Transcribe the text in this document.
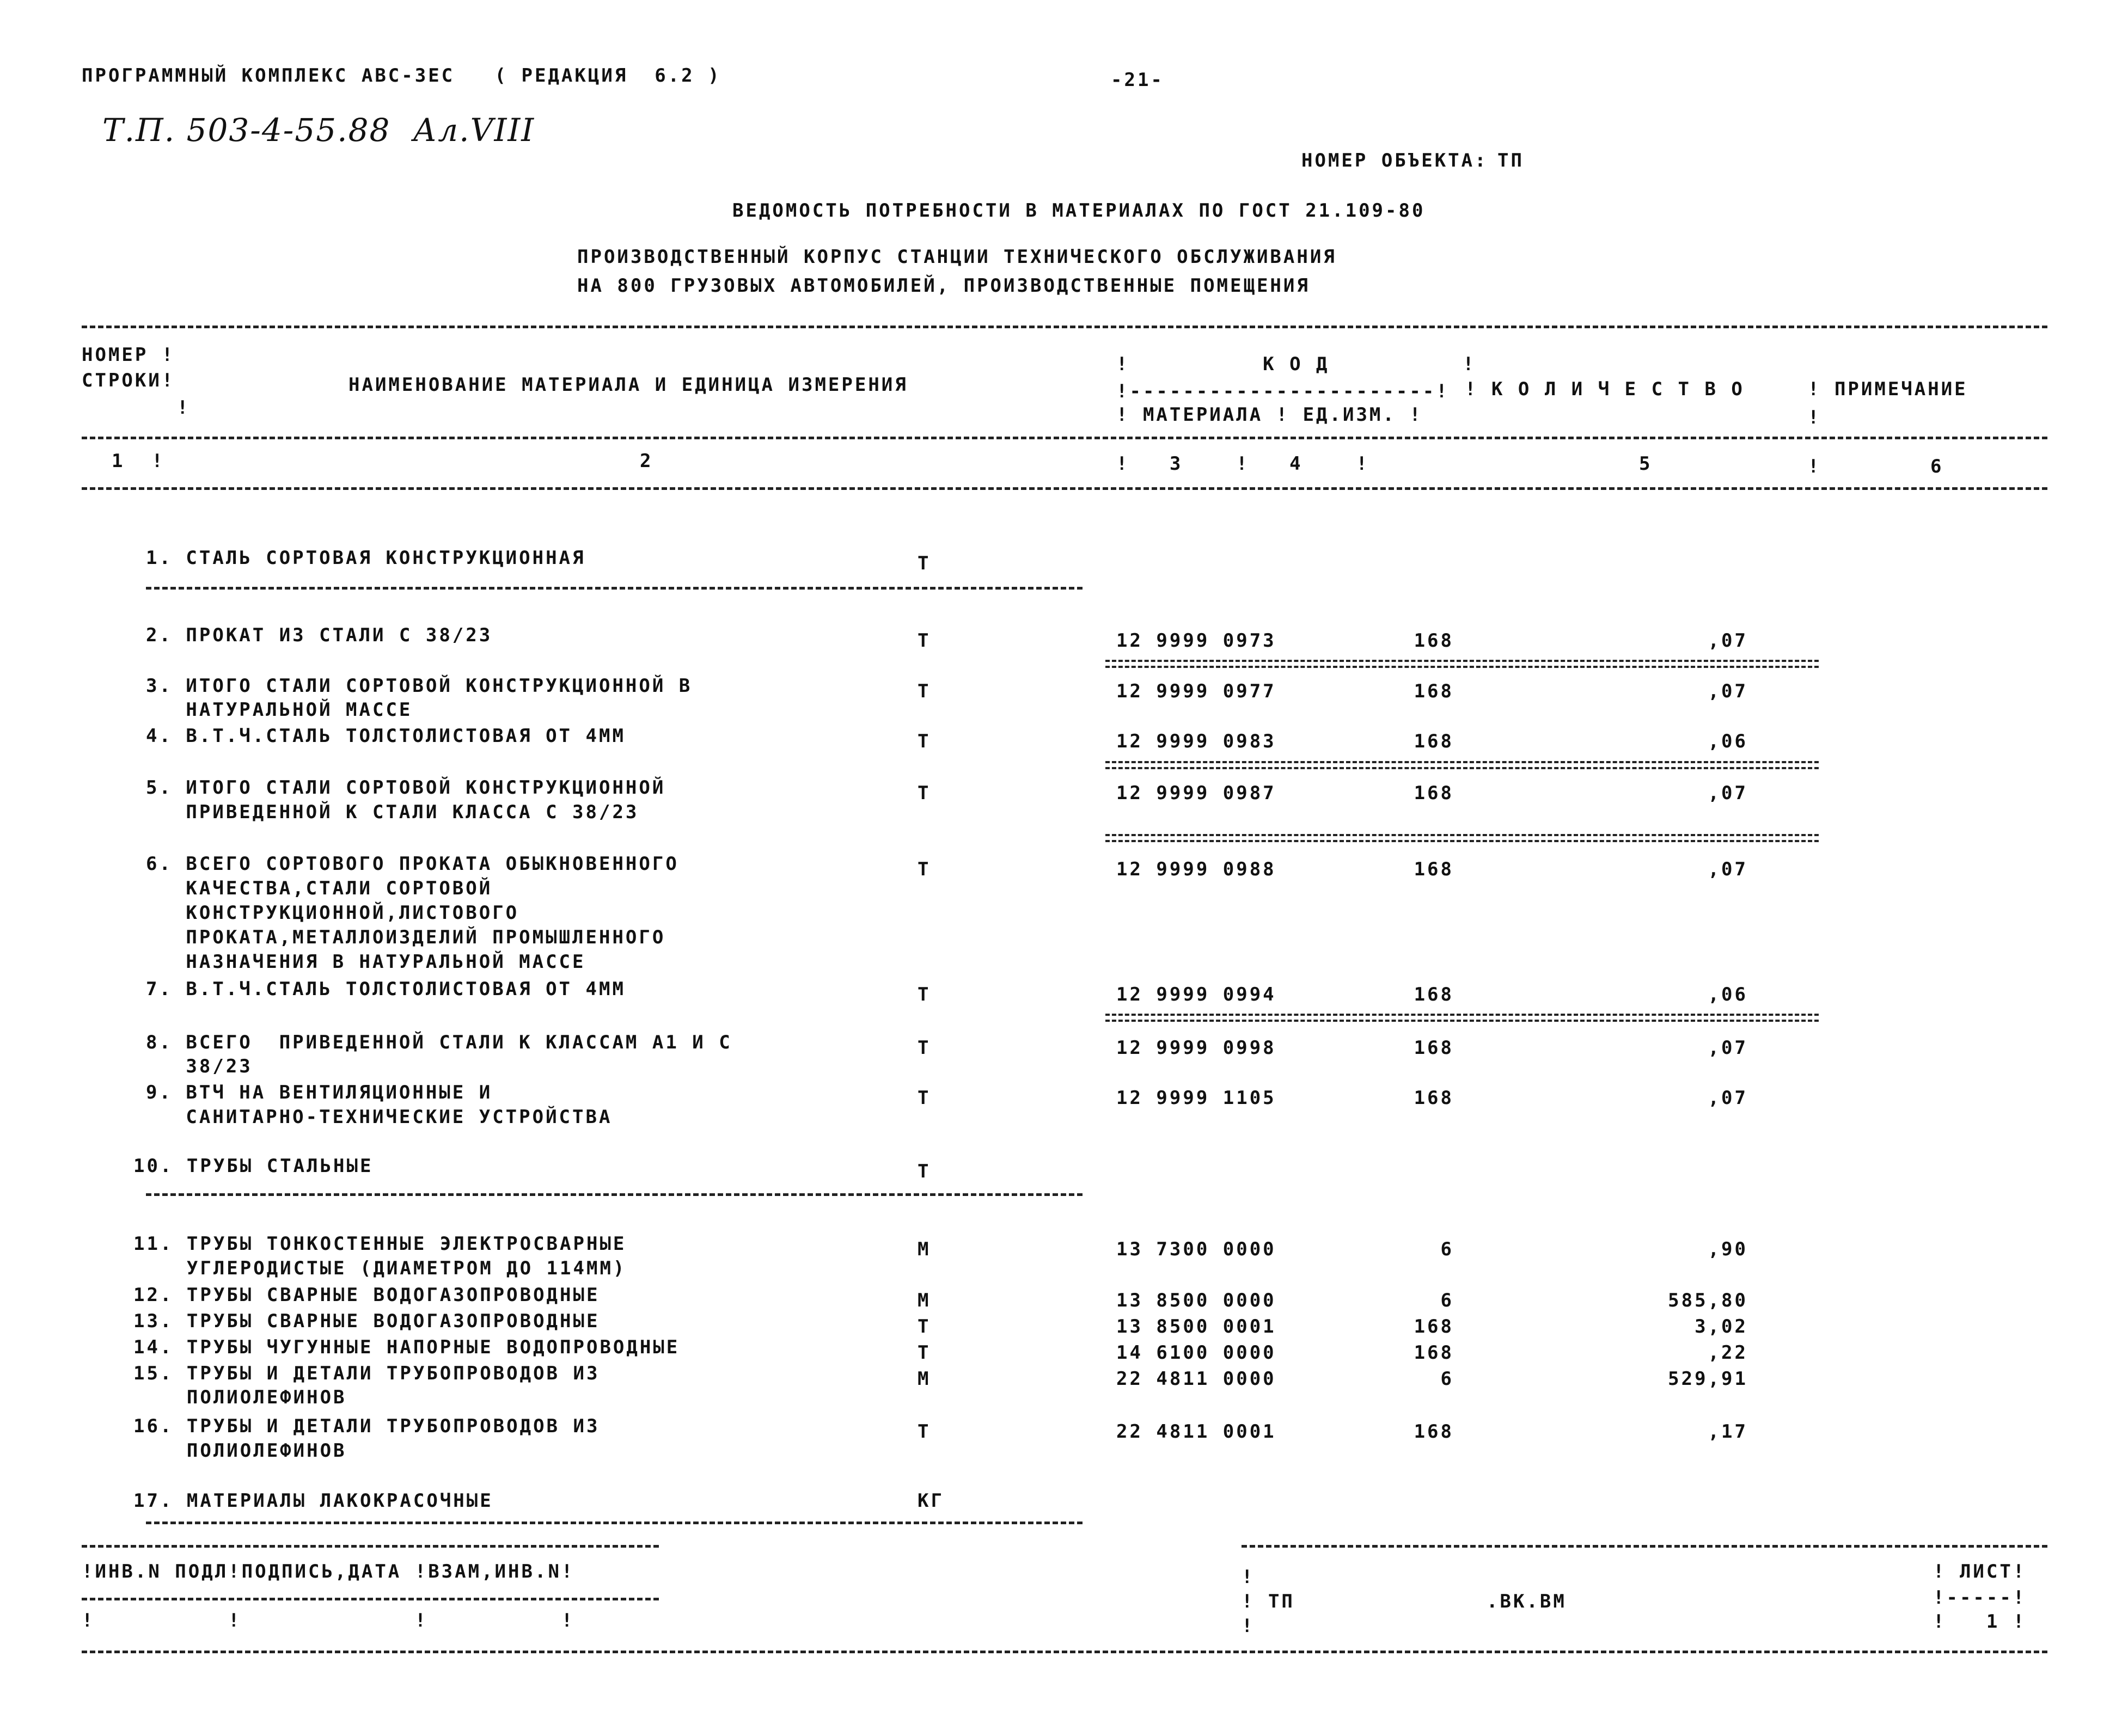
ПРОГРАММНЫЙ КОМПЛЕКС АВС-ЗЕС   ( РЕДАКЦИЯ  6.2 )	-21-
Т.П. 503-4-55.88  Ал.VIII
НОМЕР ОБЪЕКТА: ТП
ВЕДОМОСТЬ ПОТРЕБНОСТИ В МАТЕРИАЛАХ ПО ГОСТ 21.109-80
ПРОИЗВОДСТВЕННЫЙ КОРПУС СТАНЦИИ ТЕХНИЧЕСКОГО ОБСЛУЖИВАНИЯ
НА 800 ГРУЗОВЫХ АВТОМОБИЛЕЙ, ПРОИЗВОДСТВЕННЫЕ ПОМЕЩЕНИЯ
НОМЕР !
СТРОКИ!
!
НАИМЕНОВАНИЕ МАТЕРИАЛА И ЕДИНИЦА ИЗМЕРЕНИЯ
!          К О Д          !
!-----------------------!
! МАТЕРИАЛА ! ЕД.ИЗМ. !
! К О Л И Ч Е С Т В О	! ПРИМЕЧАНИЕ
!
1  !	2	!   3    !   4    !	5	!	6
1. СТАЛЬ СОРТОВАЯ КОНСТРУКЦИОННАЯ	Т
2. ПРОКАТ ИЗ СТАЛИ С 38/23	Т	12 9999 0973	168	,07
3. ИТОГО СТАЛИ СОРТОВОЙ КОНСТРУКЦИОННОЙ В
НАТУРАЛЬНОЙ МАССЕ
Т	12 9999 0977	168	,07
4. В.Т.Ч.СТАЛЬ ТОЛСТОЛИСТОВАЯ ОТ 4ММ	Т	12 9999 0983	168	,06
5. ИТОГО СТАЛИ СОРТОВОЙ КОНСТРУКЦИОННОЙ
ПРИВЕДЕННОЙ К СТАЛИ КЛАССА С 38/23
Т	12 9999 0987	168	,07
6. ВСЕГО СОРТОВОГО ПРОКАТА ОБЫКНОВЕННОГО
КАЧЕСТВА,СТАЛИ СОРТОВОЙ
КОНСТРУКЦИОННОЙ,ЛИСТОВОГО
ПРОКАТА,МЕТАЛЛОИЗДЕЛИЙ ПРОМЫШЛЕННОГО
НАЗНАЧЕНИЯ В НАТУРАЛЬНОЙ МАССЕ
Т	12 9999 0988	168	,07
7. В.Т.Ч.СТАЛЬ ТОЛСТОЛИСТОВАЯ ОТ 4ММ	Т	12 9999 0994	168	,06
8. ВСЕГО  ПРИВЕДЕННОЙ СТАЛИ К КЛАССАМ А1 И С
38/23
Т	12 9999 0998	168	,07
9. ВТЧ НА ВЕНТИЛЯЦИОННЫЕ И
САНИТАРНО-ТЕХНИЧЕСКИЕ УСТРОЙСТВА
Т	12 9999 1105	168	,07
10. ТРУБЫ СТАЛЬНЫЕ	Т
11. ТРУБЫ ТОНКОСТЕННЫЕ ЭЛЕКТРОСВАРНЫЕ
УГЛЕРОДИСТЫЕ (ДИАМЕТРОМ ДО 114ММ)
М	13 7300 0000	6	,90
12. ТРУБЫ СВАРНЫЕ ВОДОГАЗОПРОВОДНЫЕ	М	13 8500 0000	6	585,80
13. ТРУБЫ СВАРНЫЕ ВОДОГАЗОПРОВОДНЫЕ	Т	13 8500 0001	168	3,02
14. ТРУБЫ ЧУГУННЫЕ НАПОРНЫЕ ВОДОПРОВОДНЫЕ	Т	14 6100 0000	168	,22
15. ТРУБЫ И ДЕТАЛИ ТРУБОПРОВОДОВ ИЗ
ПОЛИОЛЕФИНОВ
М	22 4811 0000	6	529,91
16. ТРУБЫ И ДЕТАЛИ ТРУБОПРОВОДОВ ИЗ
ПОЛИОЛЕФИНОВ
Т	22 4811 0001	168	,17
17. МАТЕРИАЛЫ ЛАКОКРАСОЧНЫЕ	КГ
!ИНВ.N ПОДЛ!ПОДПИСЬ,ДАТА !ВЗАМ,ИНВ.N!
!          !             !          !
!
! ТП	.ВК.ВМ
!
! ЛИСТ!
!-----!
!   1 !
